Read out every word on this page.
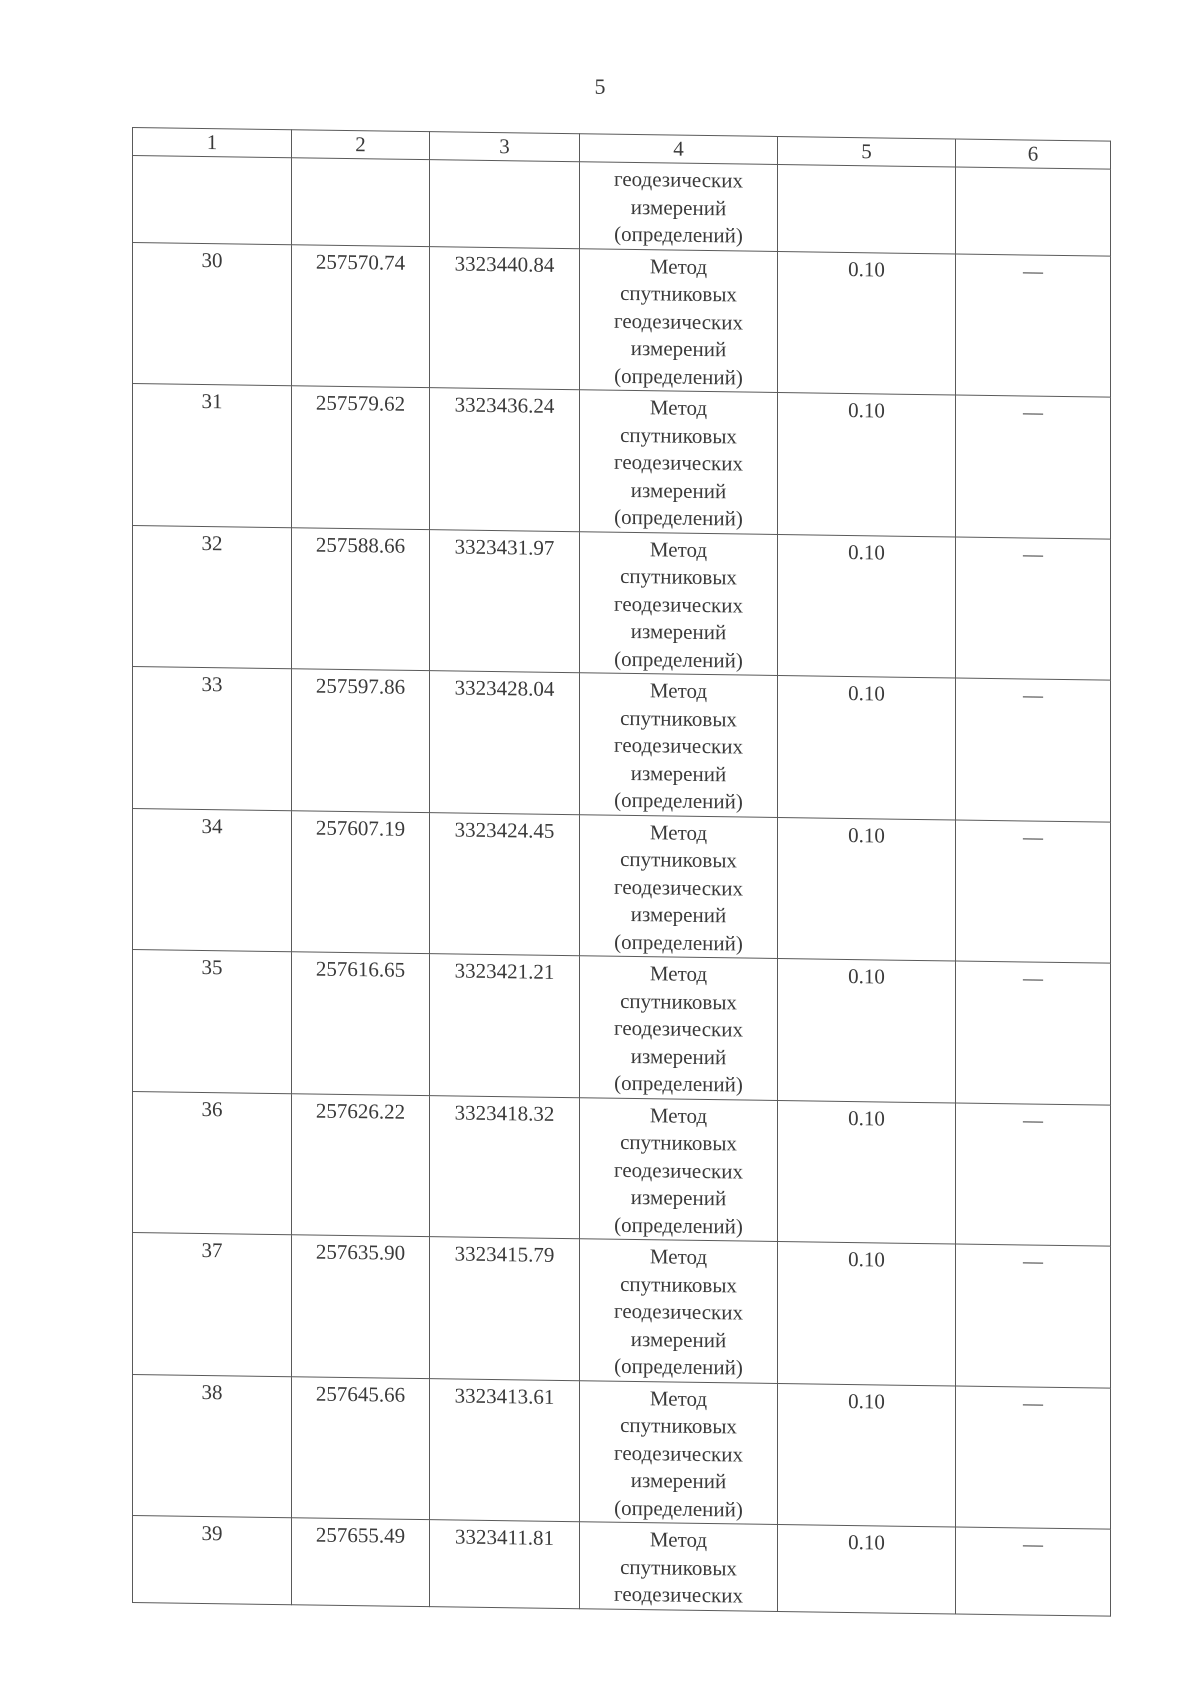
5
1	2	3	4	5	6

			геодезических
измерений
(определений)		

30	257570.74	3323440.84	Метод
спутниковых
геодезических
измерений
(определений)	0.10	—
31	257579.62	3323436.24	Метод
спутниковых
геодезических
измерений
(определений)	0.10	—
32	257588.66	3323431.97	Метод
спутниковых
геодезических
измерений
(определений)	0.10	—
33	257597.86	3323428.04	Метод
спутниковых
геодезических
измерений
(определений)	0.10	—
34	257607.19	3323424.45	Метод
спутниковых
геодезических
измерений
(определений)	0.10	—
35	257616.65	3323421.21	Метод
спутниковых
геодезических
измерений
(определений)	0.10	—
36	257626.22	3323418.32	Метод
спутниковых
геодезических
измерений
(определений)	0.10	—
37	257635.90	3323415.79	Метод
спутниковых
геодезических
измерений
(определений)	0.10	—
38	257645.66	3323413.61	Метод
спутниковых
геодезических
измерений
(определений)	0.10	—
39	257655.49	3323411.81	Метод
спутниковых
геодезических	0.10	—
